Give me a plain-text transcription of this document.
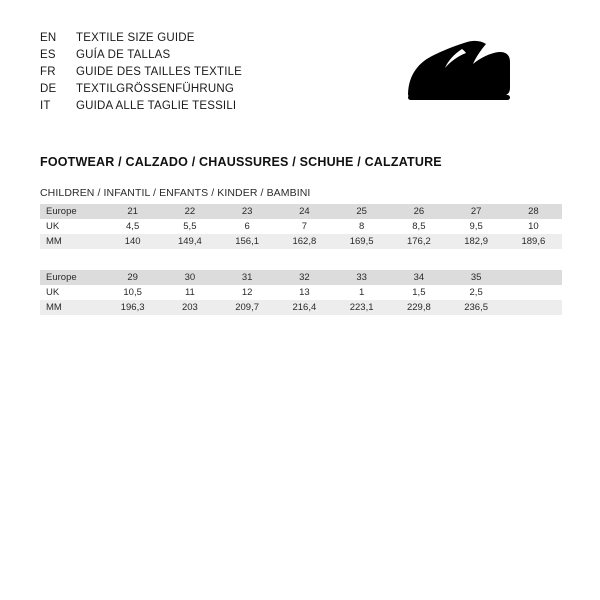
EN	TEXTILE SIZE GUIDE
ES	GUÍA DE TALLAS
FR	GUIDE DES TAILLES TEXTILE
DE	TEXTILGRÖSSENFÜHRUNG
IT	GUIDA ALLE TAGLIE TESSILI
FOOTWEAR / CALZADO / CHAUSSURES / SCHUHE / CALZATURE
CHILDREN / INFANTIL / ENFANTS / KINDER / BAMBINI
Europe	21	22	23	24	25	26	27	28
UK	4,5	5,5	6	7	8	8,5	9,5	10
MM	140	149,4	156,1	162,8	169,5	176,2	182,9	189,6
Europe	29	30	31	32	33	34	35	
UK	10,5	11	12	13	1	1,5	2,5	
MM	196,3	203	209,7	216,4	223,1	229,8	236,5	
